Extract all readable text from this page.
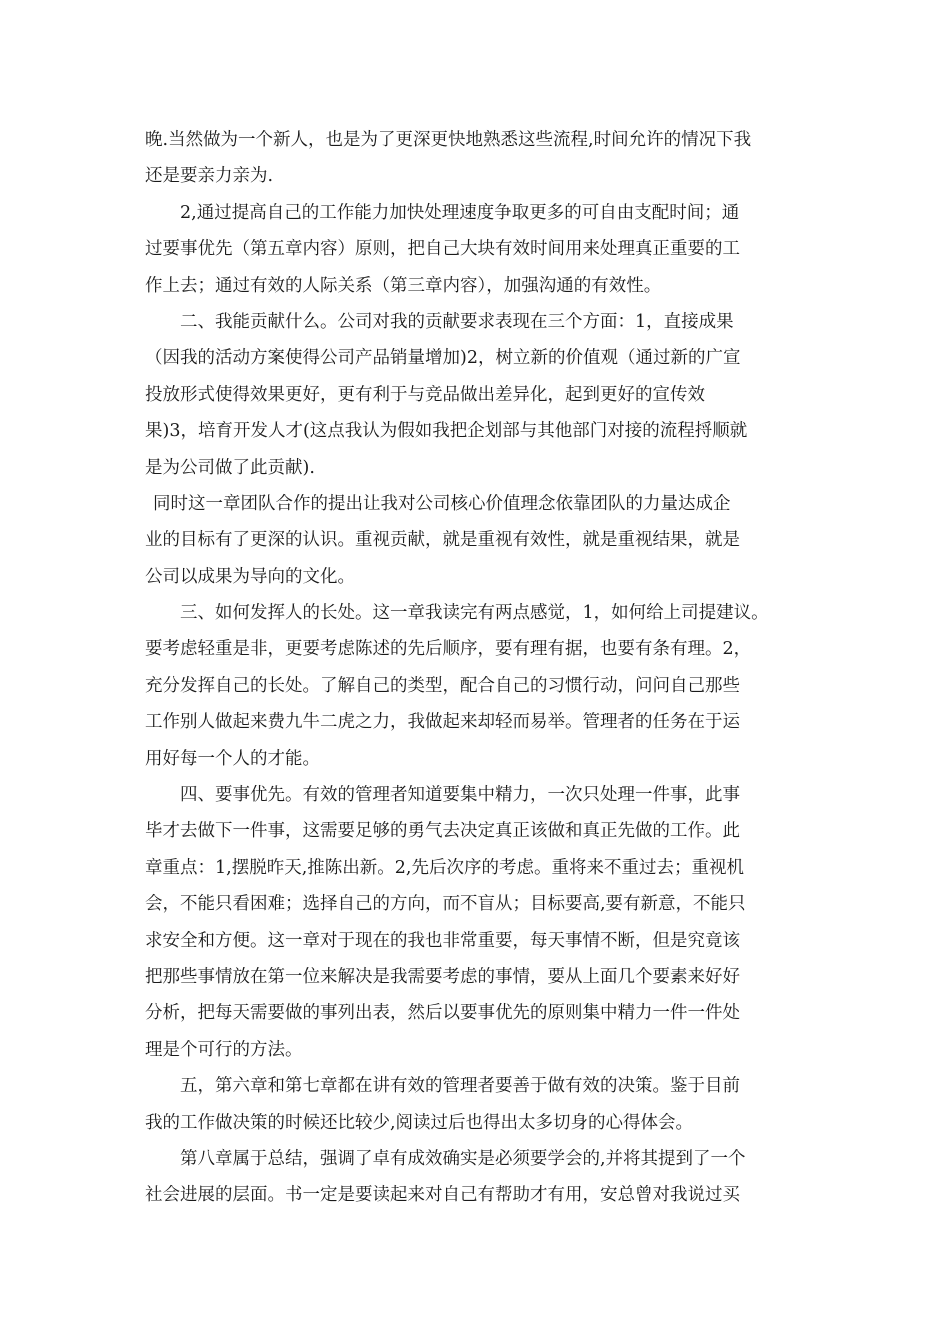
晚.当然做为一个新人，也是为了更深更快地熟悉这些流程,时间允许的情况下我
还是要亲力亲为.
2,通过提高自己的工作能力加快处理速度争取更多的可自由支配时间；通
过要事优先（第五章内容）原则，把自己大块有效时间用来处理真正重要的工
作上去；通过有效的人际关系（第三章内容），加强沟通的有效性。
二、我能贡献什么。公司对我的贡献要求表现在三个方面：1，直接成果
（因我的活动方案使得公司产品销量增加)2，树立新的价值观（通过新的广宣
投放形式使得效果更好，更有利于与竞品做出差异化，起到更好的宣传效
果)3，培育开发人才(这点我认为假如我把企划部与其他部门对接的流程捋顺就
是为公司做了此贡献).
同时这一章团队合作的提出让我对公司核心价值理念依靠团队的力量达成企
业的目标有了更深的认识。重视贡献，就是重视有效性，就是重视结果，就是
公司以成果为导向的文化。
三、如何发挥人的长处。这一章我读完有两点感觉，1，如何给上司提建议。
要考虑轻重是非，更要考虑陈述的先后顺序，要有理有据，也要有条有理。2，
充分发挥自己的长处。了解自己的类型，配合自己的习惯行动，问问自己那些
工作别人做起来费九牛二虎之力，我做起来却轻而易举。管理者的任务在于运
用好每一个人的才能。
四、要事优先。有效的管理者知道要集中精力，一次只处理一件事，此事
毕才去做下一件事，这需要足够的勇气去决定真正该做和真正先做的工作。此
章重点：1,摆脱昨天,推陈出新。2,先后次序的考虑。重将来不重过去；重视机
会，不能只看困难；选择自己的方向，而不盲从；目标要高,要有新意，不能只
求安全和方便。这一章对于现在的我也非常重要，每天事情不断，但是究竟该
把那些事情放在第一位来解决是我需要考虑的事情，要从上面几个要素来好好
分析，把每天需要做的事列出表，然后以要事优先的原则集中精力一件一件处
理是个可行的方法。
五，第六章和第七章都在讲有效的管理者要善于做有效的决策。鉴于目前
我的工作做决策的时候还比较少,阅读过后也得出太多切身的心得体会。
第八章属于总结，强调了卓有成效确实是必须要学会的,并将其提到了一个
社会进展的层面。书一定是要读起来对自己有帮助才有用，安总曾对我说过买
